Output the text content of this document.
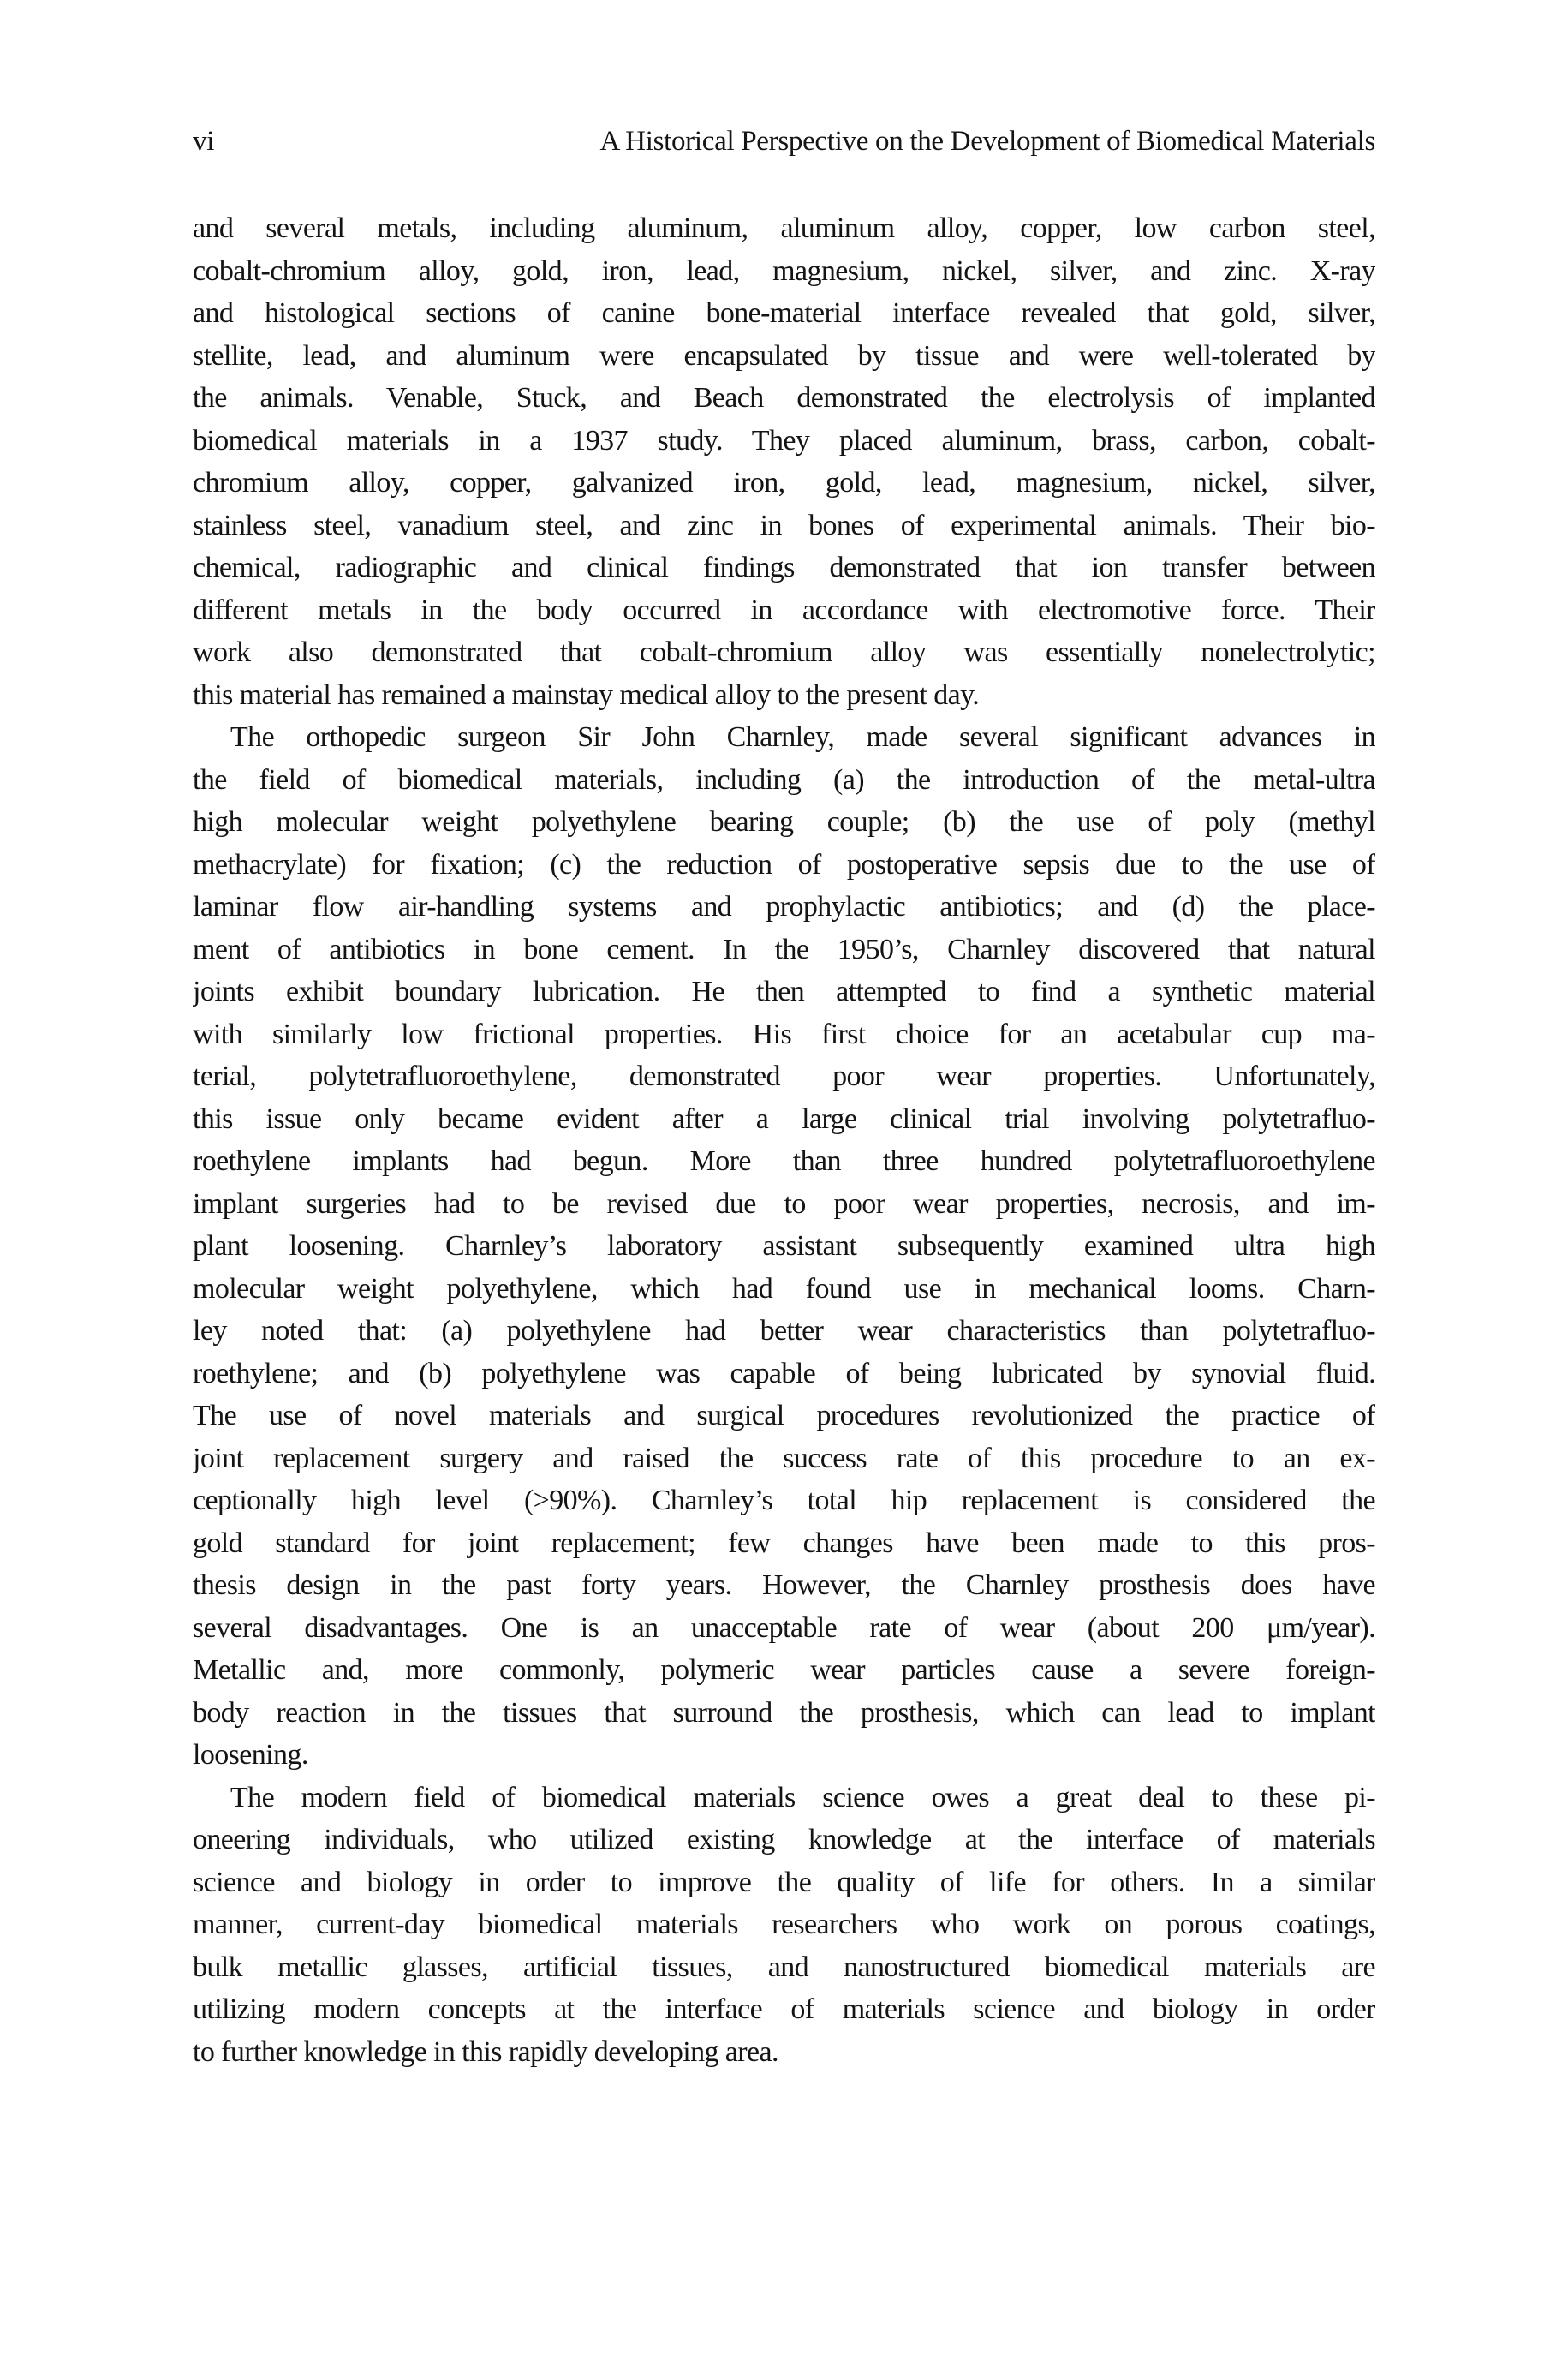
vi	A Historical Perspective on the Development of Biomedical Materials
and several metals, including aluminum, aluminum alloy, copper, low carbon steel,
cobalt-chromium alloy, gold, iron, lead, magnesium, nickel, silver, and zinc. X-ray
and histological sections of canine bone-material interface revealed that gold, silver,
stellite, lead, and aluminum were encapsulated by tissue and were well-tolerated by
the animals. Venable, Stuck, and Beach demonstrated the electrolysis of implanted
biomedical materials in a 1937 study. They placed aluminum, brass, carbon, cobalt-
chromium alloy, copper, galvanized iron, gold, lead, magnesium, nickel, silver,
stainless steel, vanadium steel, and zinc in bones of experimental animals. Their bio-
chemical, radiographic and clinical findings demonstrated that ion transfer between
different metals in the body occurred in accordance with electromotive force. Their
work also demonstrated that cobalt-chromium alloy was essentially nonelectrolytic;
this material has remained a mainstay medical alloy to the present day.
The orthopedic surgeon Sir John Charnley, made several significant advances in
the field of biomedical materials, including (a) the introduction of the metal-ultra
high molecular weight polyethylene bearing couple; (b) the use of poly (methyl
methacrylate) for fixation; (c) the reduction of postoperative sepsis due to the use of
laminar flow air-handling systems and prophylactic antibiotics; and (d) the place-
ment of antibiotics in bone cement. In the 1950’s, Charnley discovered that natural
joints exhibit boundary lubrication. He then attempted to find a synthetic material
with similarly low frictional properties. His first choice for an acetabular cup ma-
terial, polytetrafluoroethylene, demonstrated poor wear properties. Unfortunately,
this issue only became evident after a large clinical trial involving polytetrafluo-
roethylene implants had begun. More than three hundred polytetrafluoroethylene
implant surgeries had to be revised due to poor wear properties, necrosis, and im-
plant loosening. Charnley’s laboratory assistant subsequently examined ultra high
molecular weight polyethylene, which had found use in mechanical looms. Charn-
ley noted that: (a) polyethylene had better wear characteristics than polytetrafluo-
roethylene; and (b) polyethylene was capable of being lubricated by synovial fluid.
The use of novel materials and surgical procedures revolutionized the practice of
joint replacement surgery and raised the success rate of this procedure to an ex-
ceptionally high level (>90%). Charnley’s total hip replacement is considered the
gold standard for joint replacement; few changes have been made to this pros-
thesis design in the past forty years. However, the Charnley prosthesis does have
several disadvantages. One is an unacceptable rate of wear (about 200 μm/year).
Metallic and, more commonly, polymeric wear particles cause a severe foreign-
body reaction in the tissues that surround the prosthesis, which can lead to implant
loosening.
The modern field of biomedical materials science owes a great deal to these pi-
oneering individuals, who utilized existing knowledge at the interface of materials
science and biology in order to improve the quality of life for others. In a similar
manner, current-day biomedical materials researchers who work on porous coatings,
bulk metallic glasses, artificial tissues, and nanostructured biomedical materials are
utilizing modern concepts at the interface of materials science and biology in order
to further knowledge in this rapidly developing area.
